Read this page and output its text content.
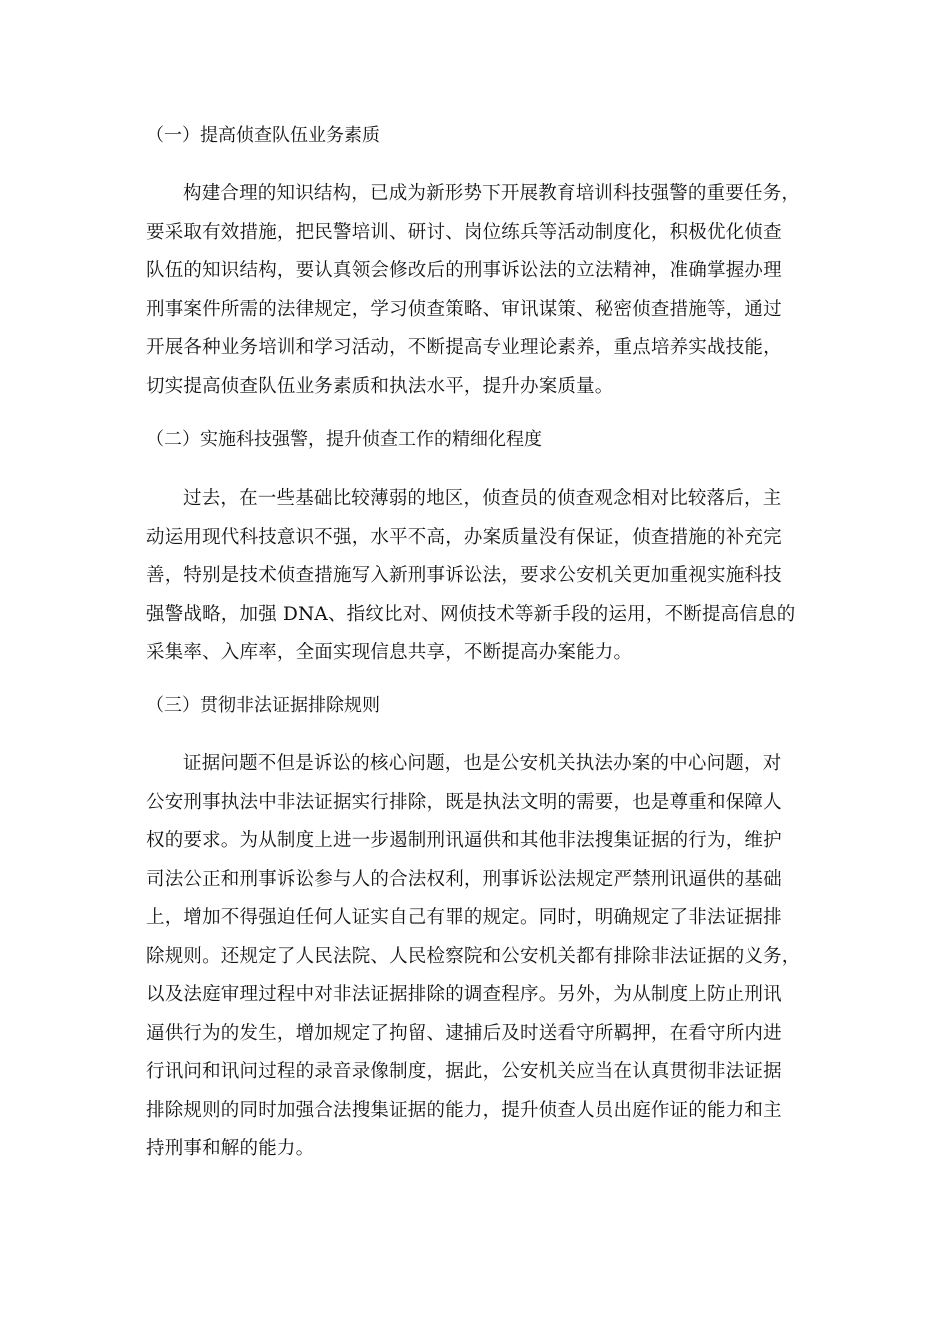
（一）提高侦查队伍业务素质
构建合理的知识结构，已成为新形势下开展教育培训科技强警的重要任务，
要采取有效措施，把民警培训、研讨、岗位练兵等活动制度化，积极优化侦查
队伍的知识结构，要认真领会修改后的刑事诉讼法的立法精神，准确掌握办理
刑事案件所需的法律规定，学习侦查策略、审讯谋策、秘密侦查措施等，通过
开展各种业务培训和学习活动，不断提高专业理论素养，重点培养实战技能，
切实提高侦查队伍业务素质和执法水平，提升办案质量。
（二）实施科技强警，提升侦查工作的精细化程度
过去，在一些基础比较薄弱的地区，侦查员的侦查观念相对比较落后，主
动运用现代科技意识不强，水平不高，办案质量没有保证，侦查措施的补充完
善，特别是技术侦查措施写入新刑事诉讼法，要求公安机关更加重视实施科技
强警战略，加强 DNA、指纹比对、网侦技术等新手段的运用，不断提高信息的
采集率、入库率，全面实现信息共享，不断提高办案能力。
（三）贯彻非法证据排除规则
证据问题不但是诉讼的核心问题，也是公安机关执法办案的中心问题，对
公安刑事执法中非法证据实行排除，既是执法文明的需要，也是尊重和保障人
权的要求。为从制度上进一步遏制刑讯逼供和其他非法搜集证据的行为，维护
司法公正和刑事诉讼参与人的合法权利，刑事诉讼法规定严禁刑讯逼供的基础
上，增加不得强迫任何人证实自己有罪的规定。同时，明确规定了非法证据排
除规则。还规定了人民法院、人民检察院和公安机关都有排除非法证据的义务，
以及法庭审理过程中对非法证据排除的调查程序。另外，为从制度上防止刑讯
逼供行为的发生，增加规定了拘留、逮捕后及时送看守所羁押，在看守所内进
行讯问和讯问过程的录音录像制度，据此，公安机关应当在认真贯彻非法证据
排除规则的同时加强合法搜集证据的能力，提升侦查人员出庭作证的能力和主
持刑事和解的能力。
